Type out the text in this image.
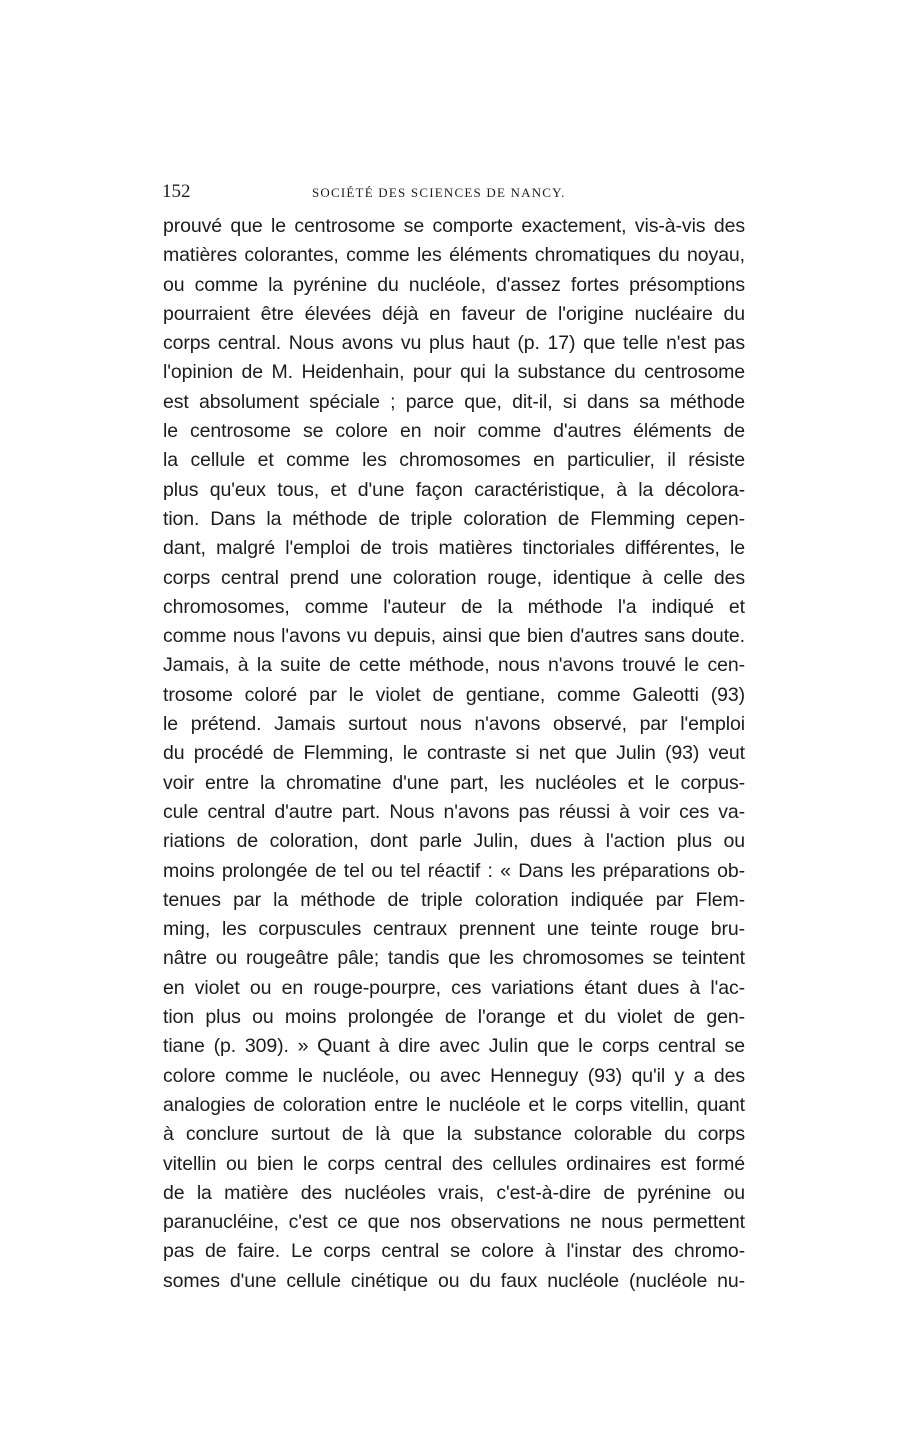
152	SOCIÉTÉ DES SCIENCES DE NANCY.
prouvé que le centrosome se comporte exactement, vis-à-vis des
matières colorantes, comme les éléments chromatiques du noyau,
ou comme la pyrénine du nucléole, d'assez fortes présomptions
pourraient être élevées déjà en faveur de l'origine nucléaire du
corps central. Nous avons vu plus haut (p. 17) que telle n'est pas
l'opinion de M. Heidenhain, pour qui la substance du centrosome
est absolument spéciale ; parce que, dit-il, si dans sa méthode
le centrosome se colore en noir comme d'autres éléments de
la cellule et comme les chromosomes en particulier, il résiste
plus qu'eux tous, et d'une façon caractéristique, à la décolora-
tion. Dans la méthode de triple coloration de Flemming cepen-
dant, malgré l'emploi de trois matières tinctoriales différentes, le
corps central prend une coloration rouge, identique à celle des
chromosomes, comme l'auteur de la méthode l'a indiqué et
comme nous l'avons vu depuis, ainsi que bien d'autres sans doute.
Jamais, à la suite de cette méthode, nous n'avons trouvé le cen-
trosome coloré par le violet de gentiane, comme Galeotti (93)
le prétend. Jamais surtout nous n'avons observé, par l'emploi
du procédé de Flemming, le contraste si net que Julin (93) veut
voir entre la chromatine d'une part, les nucléoles et le corpus-
cule central d'autre part. Nous n'avons pas réussi à voir ces va-
riations de coloration, dont parle Julin, dues à l'action plus ou
moins prolongée de tel ou tel réactif : « Dans les préparations ob-
tenues par la méthode de triple coloration indiquée par Flem-
ming, les corpuscules centraux prennent une teinte rouge bru-
nâtre ou rougeâtre pâle; tandis que les chromosomes se teintent
en violet ou en rouge-pourpre, ces variations étant dues à l'ac-
tion plus ou moins prolongée de l'orange et du violet de gen-
tiane (p. 309). » Quant à dire avec Julin que le corps central se
colore comme le nucléole, ou avec Henneguy (93) qu'il y a des
analogies de coloration entre le nucléole et le corps vitellin, quant
à conclure surtout de là que la substance colorable du corps
vitellin ou bien le corps central des cellules ordinaires est formé
de la matière des nucléoles vrais, c'est-à-dire de pyrénine ou
paranucléine, c'est ce que nos observations ne nous permettent
pas de faire. Le corps central se colore à l'instar des chromo-
somes d'une cellule cinétique ou du faux nucléole (nucléole nu-
